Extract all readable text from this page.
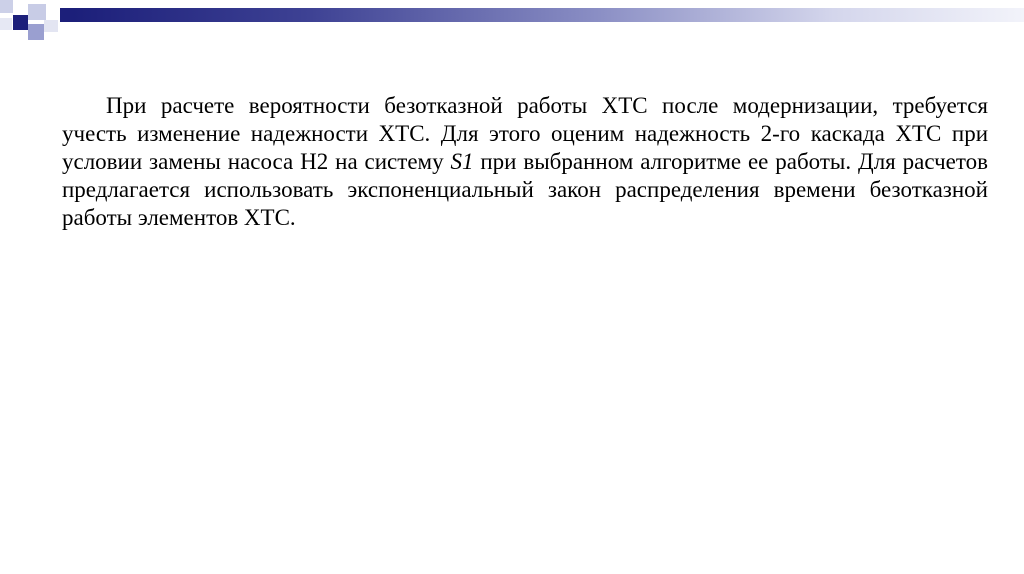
При расчете вероятности безотказной работы ХТС после модернизации, требуется учесть изменение надежности ХТС. Для этого оценим надежность 2-го каскада ХТС при условии замены насоса Н2 на систему S1 при выбранном алгоритме ее работы. Для расчетов предлагается использовать экспоненциальный закон распределения времени безотказной работы элементов ХТС.
